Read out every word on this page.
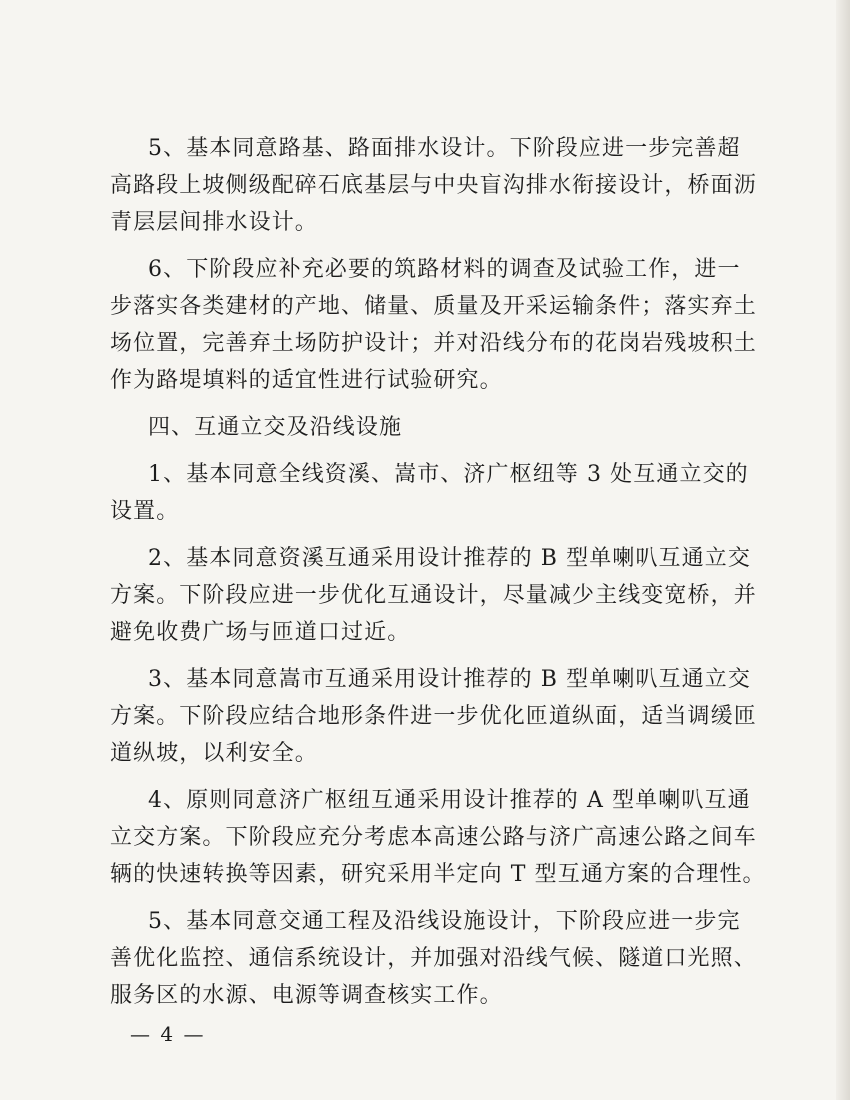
5、基本同意路基、路面排水设计。下阶段应进一步完善超
高路段上坡侧级配碎石底基层与中央盲沟排水衔接设计，桥面沥
青层层间排水设计。
6、下阶段应补充必要的筑路材料的调查及试验工作，进一
步落实各类建材的产地、储量、质量及开采运输条件；落实弃土
场位置，完善弃土场防护设计；并对沿线分布的花岗岩残坡积土
作为路堤填料的适宜性进行试验研究。
四、互通立交及沿线设施
1、基本同意全线资溪、嵩市、济广枢纽等 3 处互通立交的
设置。
2、基本同意资溪互通采用设计推荐的 B 型单喇叭互通立交
方案。下阶段应进一步优化互通设计，尽量减少主线变宽桥，并
避免收费广场与匝道口过近。
3、基本同意嵩市互通采用设计推荐的 B 型单喇叭互通立交
方案。下阶段应结合地形条件进一步优化匝道纵面，适当调缓匝
道纵坡，以利安全。
4、原则同意济广枢纽互通采用设计推荐的 A 型单喇叭互通
立交方案。下阶段应充分考虑本高速公路与济广高速公路之间车
辆的快速转换等因素，研究采用半定向 T 型互通方案的合理性。
5、基本同意交通工程及沿线设施设计，下阶段应进一步完
善优化监控、通信系统设计，并加强对沿线气候、隧道口光照、
服务区的水源、电源等调查核实工作。
— 4 —
